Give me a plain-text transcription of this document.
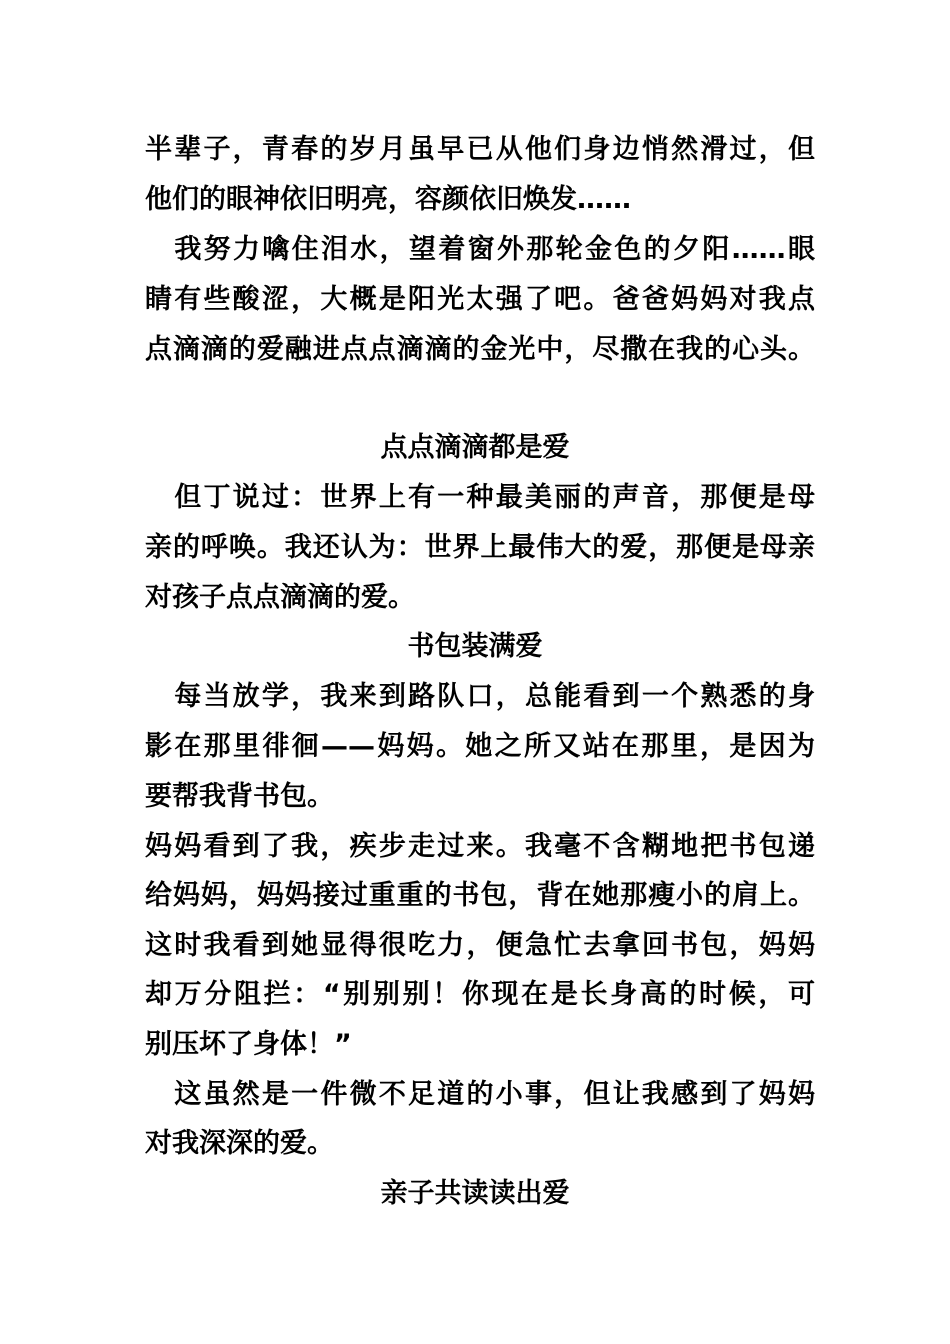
半辈子，青春的岁月虽早已从他们身边悄然滑过，但
他们的眼神依旧明亮，容颜依旧焕发……
　我努力噙住泪水，望着窗外那轮金色的夕阳……眼
睛有些酸涩，大概是阳光太强了吧。爸爸妈妈对我点
点滴滴的爱融进点点滴滴的金光中，尽撒在我的心头。
点点滴滴都是爱
　但丁说过：世界上有一种最美丽的声音，那便是母
亲的呼唤。我还认为：世界上最伟大的爱，那便是母亲
对孩子点点滴滴的爱。
书包装满爱
　每当放学，我来到路队口，总能看到一个熟悉的身
影在那里徘徊——妈妈。她之所又站在那里，是因为
要帮我背书包。
妈妈看到了我，疾步走过来。我毫不含糊地把书包递
给妈妈，妈妈接过重重的书包，背在她那瘦小的肩上。
这时我看到她显得很吃力，便急忙去拿回书包，妈妈
却万分阻拦：“别别别！你现在是长身高的时候，可
别压坏了身体！”
　这虽然是一件微不足道的小事，但让我感到了妈妈
对我深深的爱。
亲子共读读出爱
